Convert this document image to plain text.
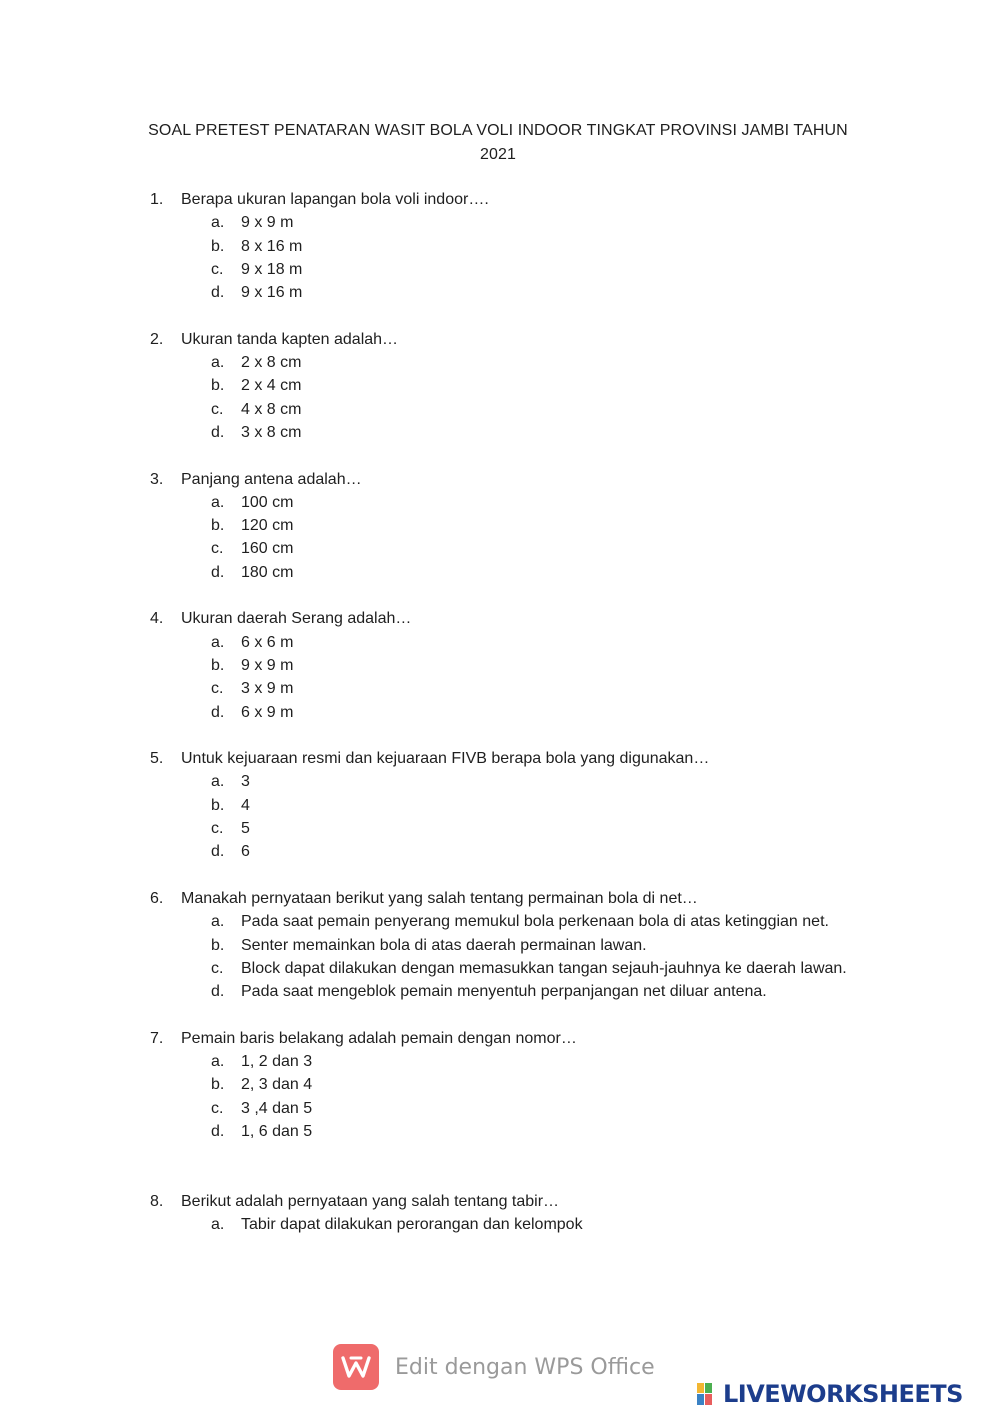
SOAL PRETEST PENATARAN WASIT BOLA VOLI INDOOR TINGKAT PROVINSI JAMBI TAHUN
2021
1. Berapa ukuran lapangan bola voli indoor….
a. 9 x 9 m
b. 8 x 16 m
c. 9 x 18 m
d. 9 x 16 m
2. Ukuran tanda kapten adalah…
a. 2 x 8 cm
b. 2 x 4 cm
c. 4 x 8 cm
d. 3 x 8 cm
3. Panjang antena adalah…
a. 100 cm
b. 120 cm
c. 160 cm
d. 180 cm
4. Ukuran daerah Serang adalah…
a. 6 x 6 m
b. 9 x 9 m
c. 3 x 9 m
d. 6 x 9 m
5. Untuk kejuaraan resmi dan kejuaraan FIVB berapa bola yang digunakan…
a. 3
b. 4
c. 5
d. 6
6. Manakah pernyataan berikut yang salah tentang permainan bola di net…
a. Pada saat pemain penyerang memukul bola perkenaan bola di atas ketinggian net.
b. Senter memainkan bola di atas daerah permainan lawan.
c. Block dapat dilakukan dengan memasukkan tangan sejauh-jauhnya ke daerah lawan.
d. Pada saat mengeblok pemain menyentuh perpanjangan net diluar antena.
7. Pemain baris belakang adalah pemain dengan nomor…
a. 1, 2 dan 3
b. 2, 3 dan 4
c. 3 ,4 dan 5
d. 1, 6 dan 5
8. Berikut adalah pernyataan yang salah tentang tabir…
a. Tabir dapat dilakukan perorangan dan kelompok
Edit dengan WPS Office
LIVEWORKSHEETS
